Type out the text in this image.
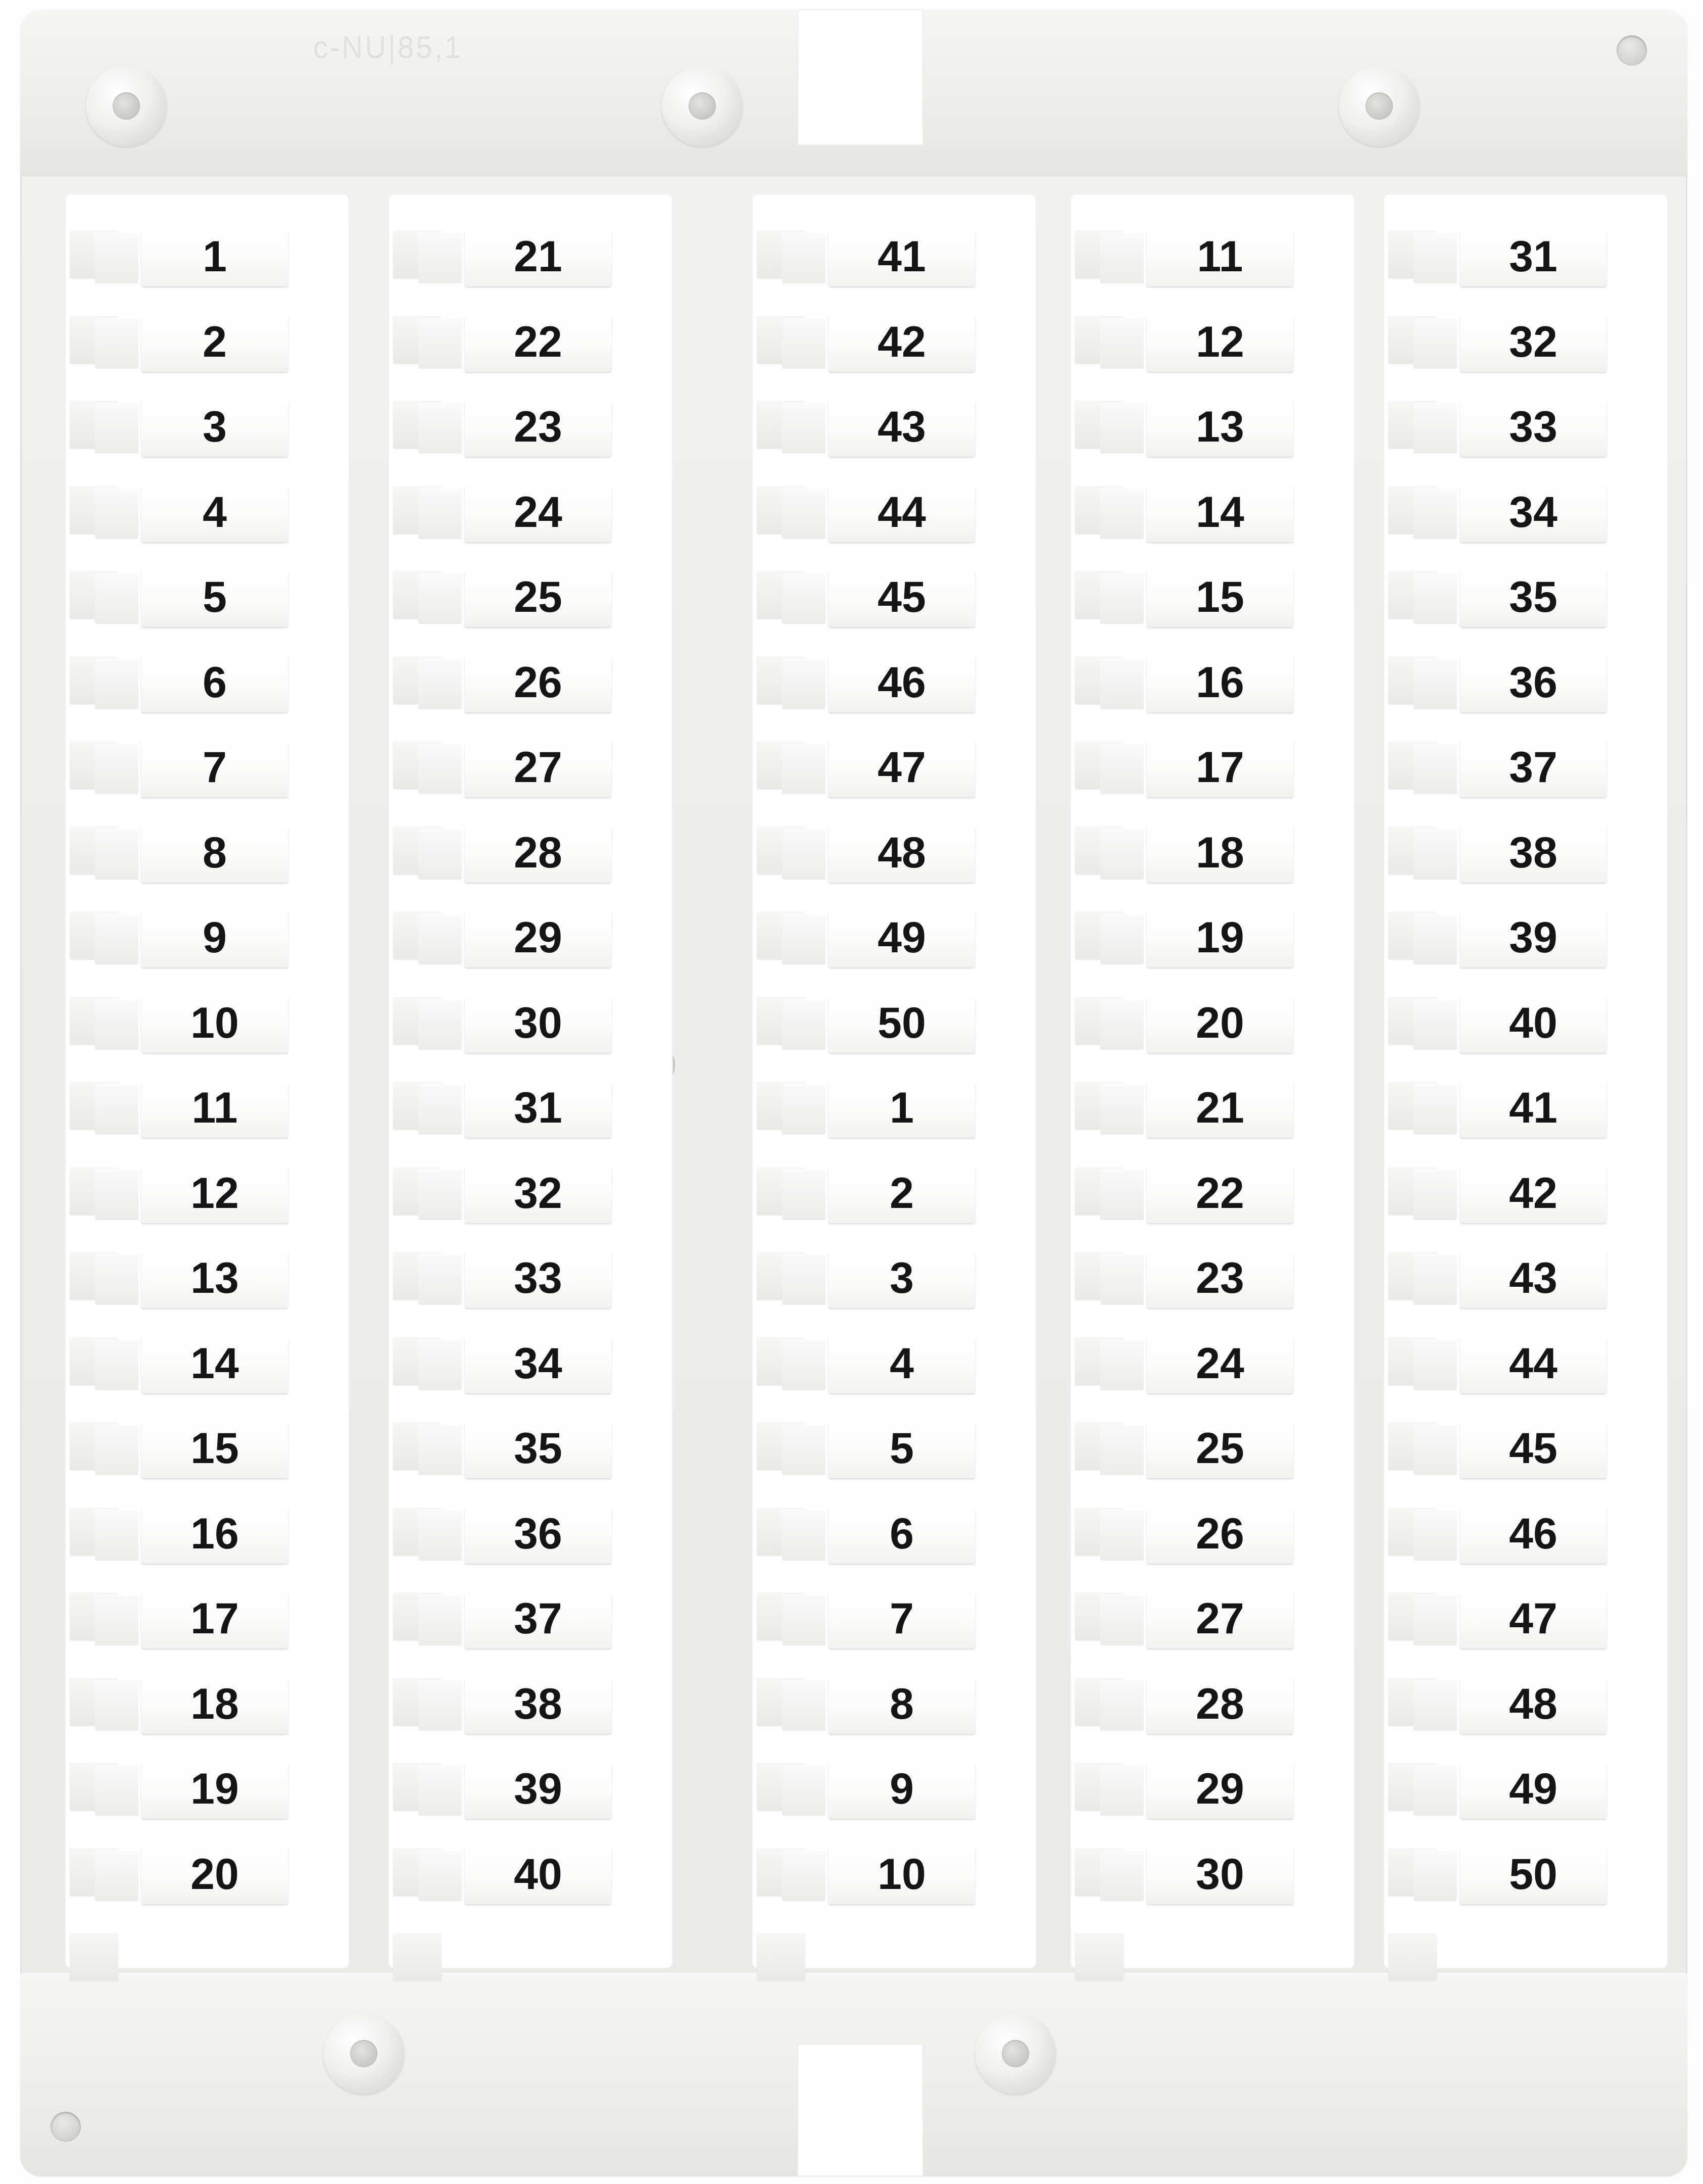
c-NU|85,1
1
2
3
4
5
6
7
8
9
10
11
12
13
14
15
16
17
18
19
20
21
22
23
24
25
26
27
28
29
30
31
32
33
34
35
36
37
38
39
40
41
42
43
44
45
46
47
48
49
50
1
2
3
4
5
6
7
8
9
10
11
12
13
14
15
16
17
18
19
20
21
22
23
24
25
26
27
28
29
30
31
32
33
34
35
36
37
38
39
40
41
42
43
44
45
46
47
48
49
50
